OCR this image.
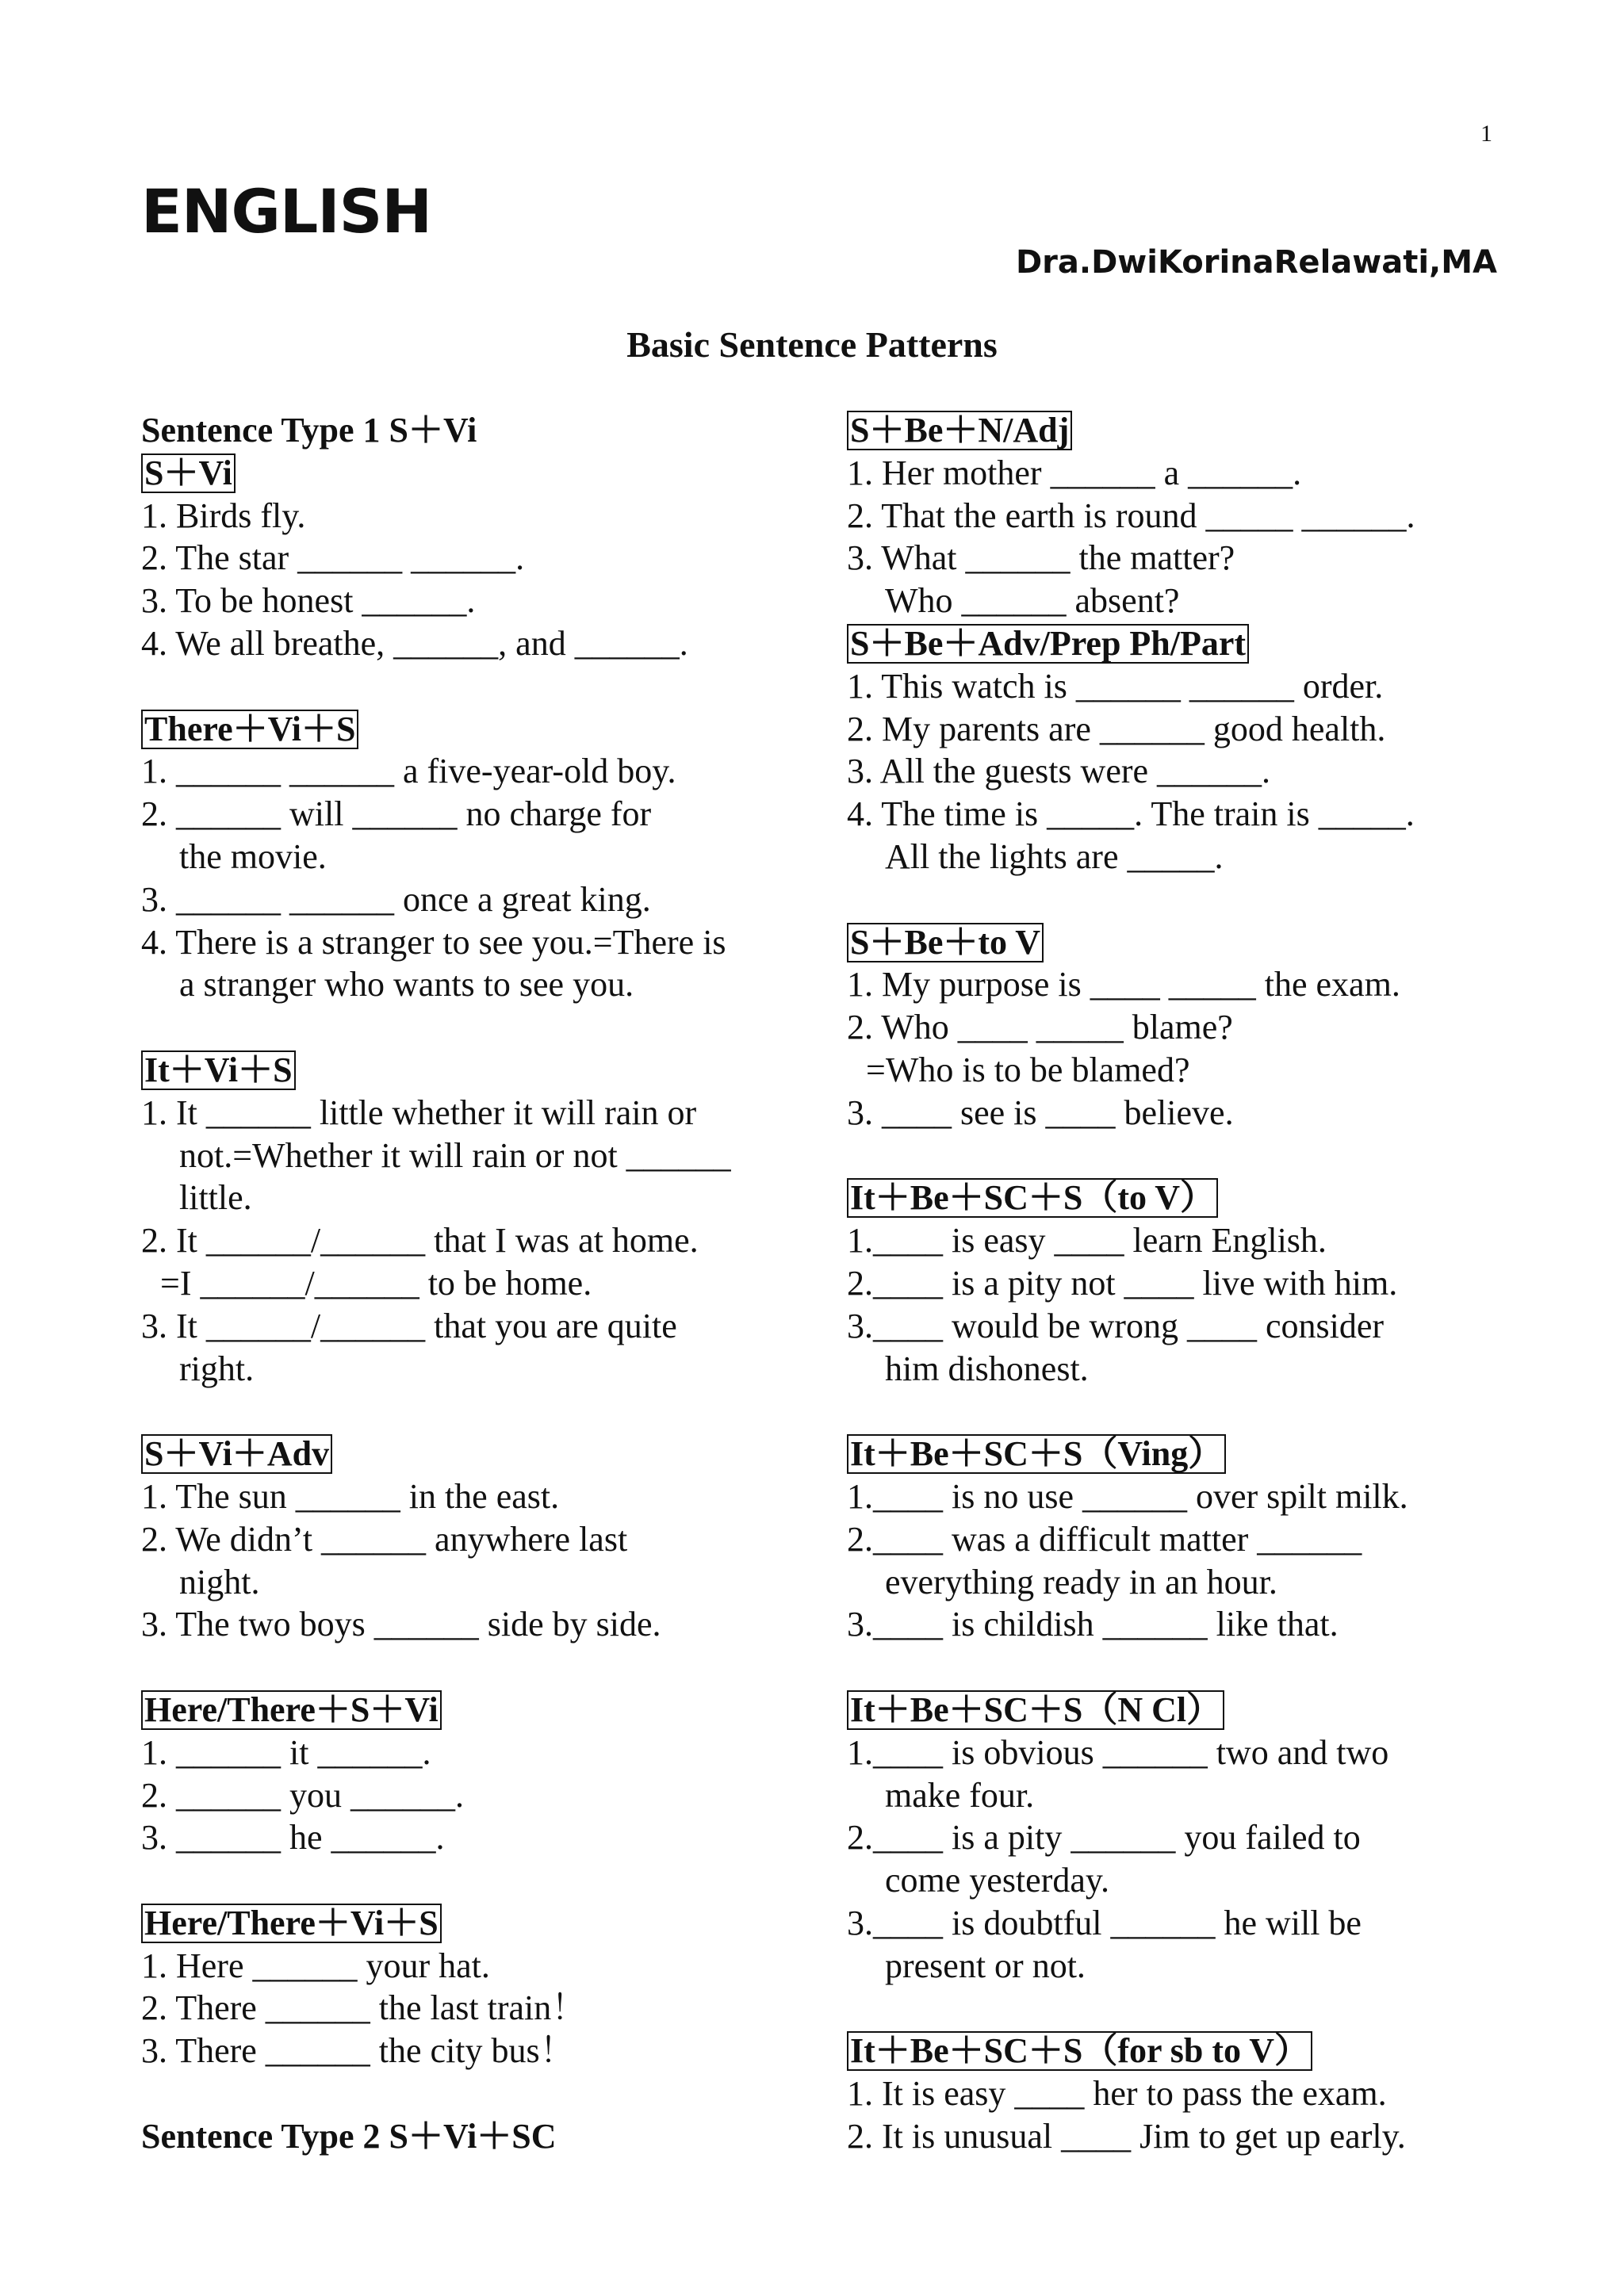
1
ENGLISH
Dra.DwiKorinaRelawati,MA
Basic Sentence Patterns
Sentence Type 1 S＋Vi
S＋Vi
1. Birds fly.
2. The star ______ ______.
3. To be honest ______.
4. We all breathe, ______, and ______.
There＋Vi＋S
1. ______ ______ a five-year-old boy.
2. ______ will ______ no charge for
the movie.
3. ______ ______ once a great king.
4. There is a stranger to see you.=There is
a stranger who wants to see you.
It＋Vi＋S
1. It ______ little whether it will rain or
not.=Whether it will rain or not ______
little.
2. It ______/______ that I was at home.
=I ______/______ to be home.
3. It ______/______ that you are quite
right.
S＋Vi＋Adv
1. The sun ______ in the east.
2. We didn’t ______ anywhere last
night.
3. The two boys ______ side by side.
Here/There＋S＋Vi
1. ______ it ______.
2. ______ you ______.
3. ______ he ______.
Here/There＋Vi＋S
1. Here ______ your hat.
2. There ______ the last train！
3. There ______ the city bus！
Sentence Type 2 S＋Vi＋SC
S＋Be＋N/Adj
1. Her mother ______ a ______.
2. That the earth is round _____ ______.
3. What ______ the matter?
Who ______ absent?
S＋Be＋Adv/Prep Ph/Part
1. This watch is ______ ______ order.
2. My parents are ______ good health.
3. All the guests were ______.
4. The time is _____. The train is _____.
All the lights are _____.
S＋Be＋to V
1. My purpose is ____ _____ the exam.
2. Who ____ _____ blame?
=Who is to be blamed?
3. ____ see is ____ believe.
It＋Be＋SC＋S（to V）
1.____ is easy ____ learn English.
2.____ is a pity not ____ live with him.
3.____ would be wrong ____ consider
him dishonest.
It＋Be＋SC＋S（Ving）
1.____ is no use ______ over spilt milk.
2.____ was a difficult matter ______
everything ready in an hour.
3.____ is childish ______ like that.
It＋Be＋SC＋S（N Cl）
1.____ is obvious ______ two and two
make four.
2.____ is a pity ______ you failed to
come yesterday.
3.____ is doubtful ______ he will be
present or not.
It＋Be＋SC＋S（for sb to V）
1. It is easy ____ her to pass the exam.
2. It is unusual ____ Jim to get up early.
